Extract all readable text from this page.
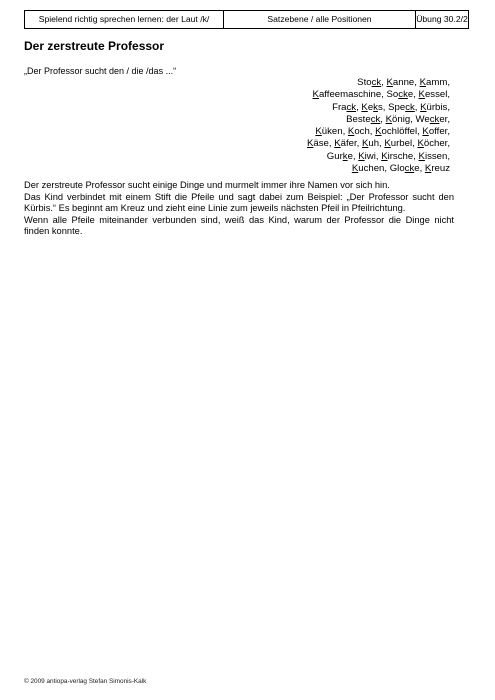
Spielend richtig sprechen lernen: der Laut /k/	Satzebene / alle Positionen	Übung 30.2/2
Der zerstreute Professor
„Der Professor sucht den / die /das ...“
Stock, Kanne, Kamm,
Kaffeemaschine, Socke, Kessel,
Frack, Keks, Speck, Kürbis,
Besteck, König, Wecker,
Küken, Koch, Kochlöffel, Koffer,
Käse, Käfer, Kuh, Kurbel, Köcher,
Gurke, Kiwi, Kirsche, Kissen,
Kuchen, Glocke, Kreuz

Der zerstreute Professor sucht einige Dinge und murmelt immer ihre Namen vor sich hin.

Das Kind verbindet mit einem Stift die Pfeile und sagt dabei zum Beispiel: „Der Professor sucht den Kürbis.“ Es beginnt am Kreuz und zieht eine Linie zum jeweils nächsten Pfeil in Pfeilrichtung.

Wenn alle Pfeile miteinander verbunden sind, weiß das Kind, warum der Professor die Dinge nicht finden konnte.

© 2009 antiopa-verlag Stefan Simonis-Kalk
